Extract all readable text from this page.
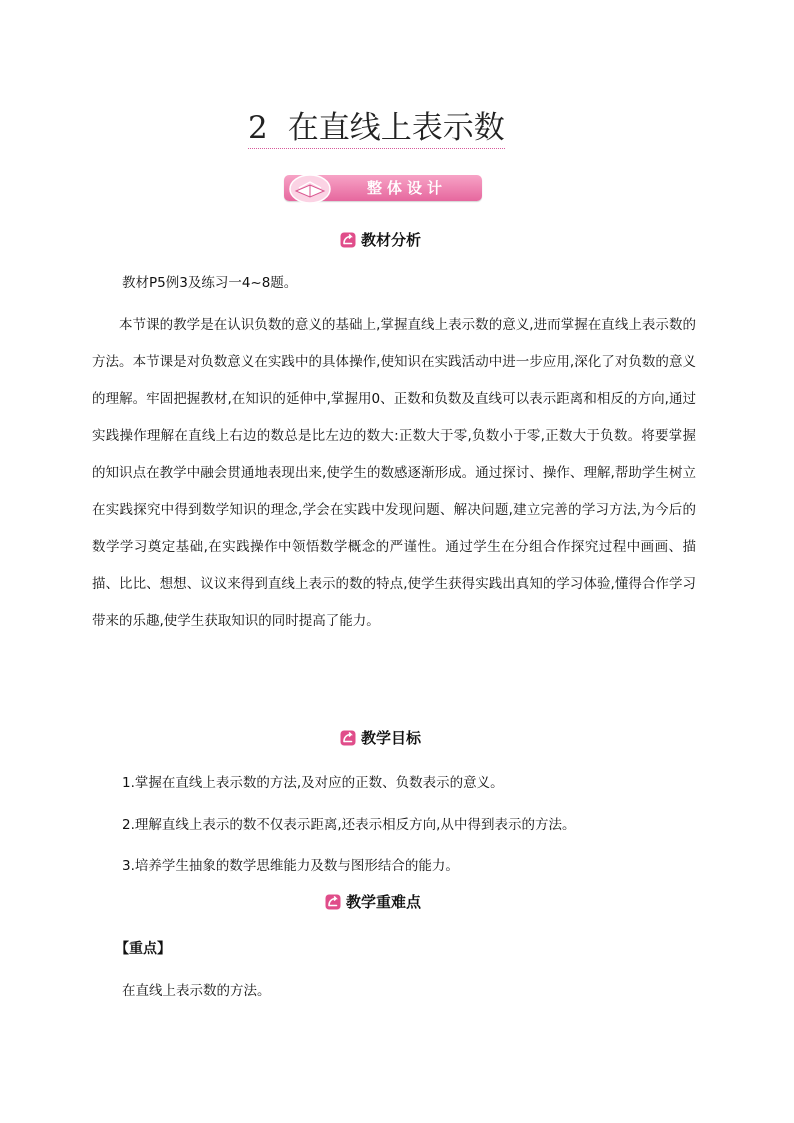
2 在直线上表示数
整体设计
教材分析
教材P5例3及练习一4~8题。

本节课的教学是在认识负数的意义的基础上,掌握直线上表示数的意义,进而掌握在直线上表示数的方法。本节课是对负数意义在实践中的具体操作,使知识在实践活动中进一步应用,深化了对负数的意义的理解。牢固把握教材,在知识的延伸中,掌握用0、正数和负数及直线可以表示距离和相反的方向,通过实践操作理解在直线上右边的数总是比左边的数大:正数大于零,负数小于零,正数大于负数。将要掌握的知识点在教学中融会贯通地表现出来,使学生的数感逐渐形成。通过探讨、操作、理解,帮助学生树立在实践探究中得到数学知识的理念,学会在实践中发现问题、解决问题,建立完善的学习方法,为今后的数学学习奠定基础,在实践操作中领悟数学概念的严谨性。通过学生在分组合作探究过程中画画、描描、比比、想想、议议来得到直线上表示的数的特点,使学生获得实践出真知的学习体验,懂得合作学习带来的乐趣,使学生获取知识的同时提高了能力。

教学目标
1.掌握在直线上表示数的方法,及对应的正数、负数表示的意义。
2.理解直线上表示的数不仅表示距离,还表示相反方向,从中得到表示的方法。
3.培养学生抽象的数学思维能力及数与图形结合的能力。
教学重难点
【重点】
在直线上表示数的方法。
